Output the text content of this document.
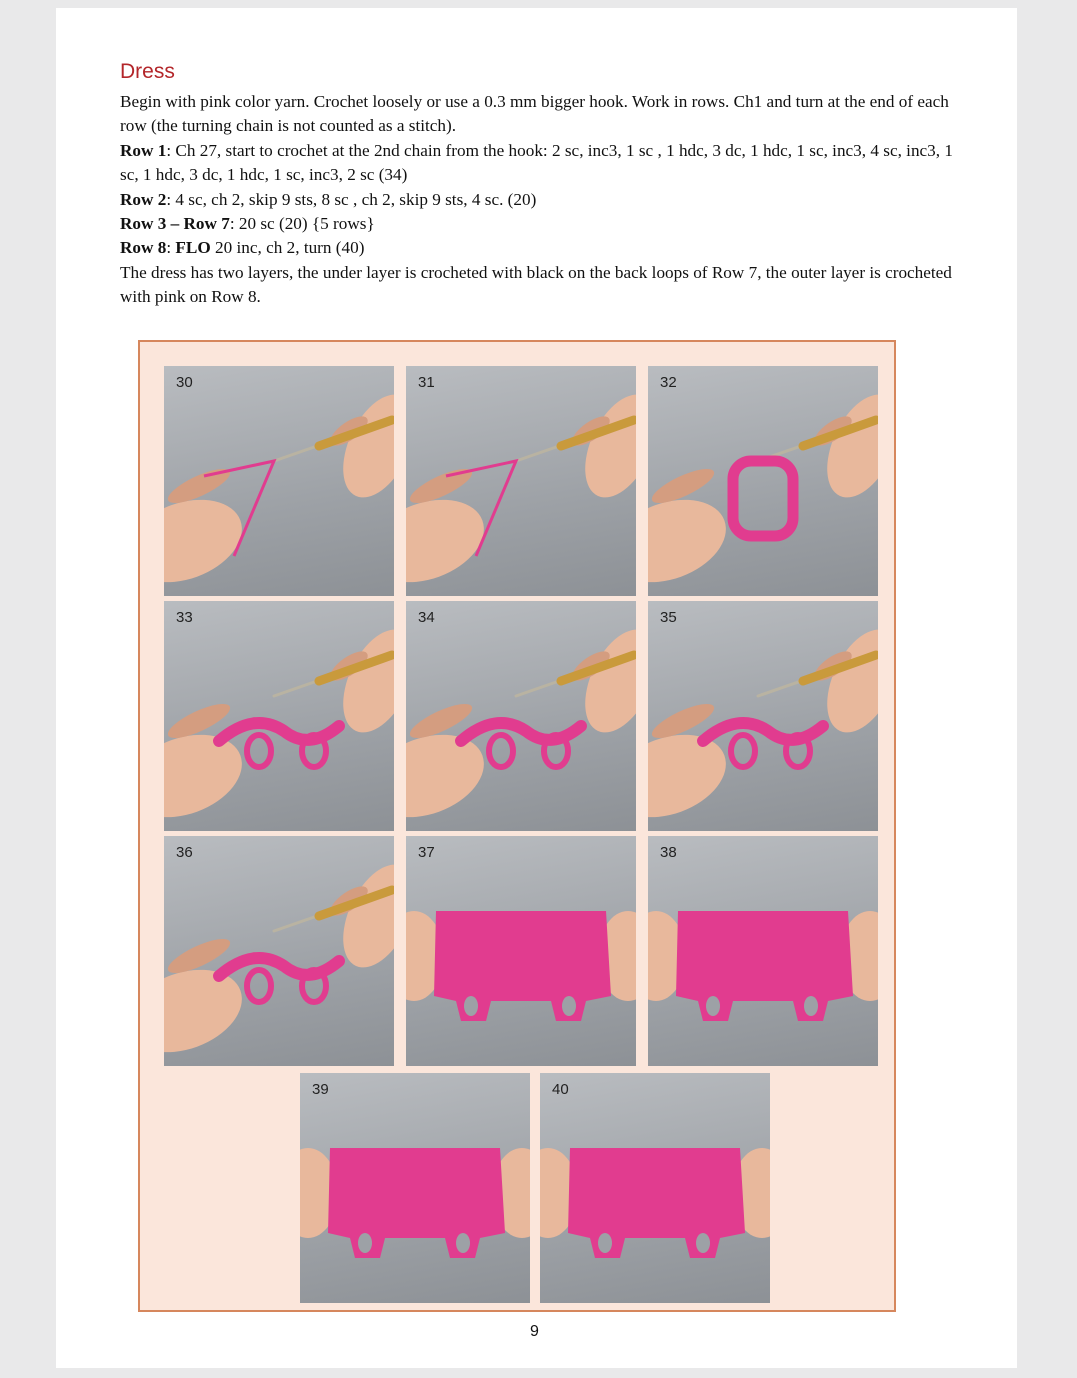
Dress

Begin with pink color yarn. Crochet loosely or use a 0.3 mm bigger hook. Work in rows. Ch1 and turn at the end of each row (the turning chain is not counted as a stitch).

Row 1: Ch 27, start to crochet at the 2nd chain from the hook: 2 sc, inc3, 1 sc , 1 hdc, 3 dc, 1 hdc, 1 sc, inc3, 4 sc, inc3, 1 sc, 1 hdc, 3 dc, 1 hdc, 1 sc, inc3, 2 sc (34)

Row 2: 4 sc, ch 2, skip 9 sts, 8 sc , ch 2, skip 9 sts, 4 sc. (20)

Row 3 – Row 7: 20 sc (20) {5 rows}

Row 8: FLO 20 inc, ch 2, turn (40)

The dress has two layers, the under layer is crocheted with black on the back loops of Row 7, the outer layer is crocheted with pink on Row 8.

30	31	32
33	34	35
36	37	38
39	40
9
